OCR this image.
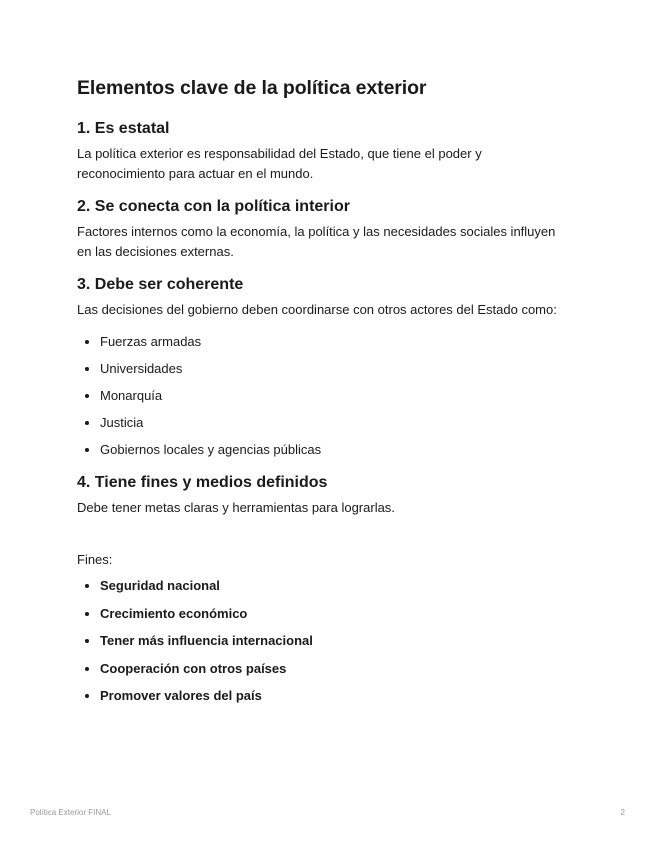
Elementos clave de la política exterior
1. Es estatal

La política exterior es responsabilidad del Estado, que tiene el poder y reconocimiento para actuar en el mundo.

2. Se conecta con la política interior

Factores internos como la economía, la política y las necesidades sociales influyen en las decisiones externas.

3. Debe ser coherente

Las decisiones del gobierno deben coordinarse con otros actores del Estado como:

• Fuerzas armadas
• Universidades
• Monarquía
• Justicia
• Gobiernos locales y agencias públicas
4. Tiene fines y medios definidos

Debe tener metas claras y herramientas para lograrlas.

Fines:

• Seguridad nacional
• Crecimiento económico
• Tener más influencia internacional
• Cooperación con otros países
• Promover valores del país
Política Exterior FINAL	2
